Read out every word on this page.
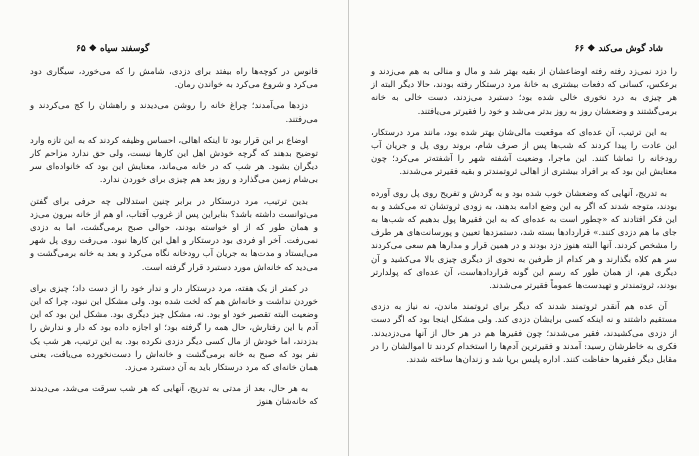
گوسفند سیاه ❖ ۶۵

فانوس در کوچه‌ها راه بیفتد برای دزدی، شامش را که می‌خورد، سیگاری دود می‌کرد و شروع می‌کرد به خواندن رمان.

دزدها می‌آمدند؛ چراغ خانه را روشن می‌دیدند و راهشان را کج می‌کردند و می‌رفتند.

اوضاع بر این قرار بود تا اینکه اهالی، احساس وظیفه کردند که به این تازه وارد توضیح بدهند که گرچه خودش اهل این کارها نیست، ولی حق ندارد مزاحم کار دیگران بشود. هر شب که در خانه می‌ماند، معنایش این بود که خانواده‌ای سر بی‌شام زمین می‌گذارد و روز بعد هم چیزی برای خوردن ندارد.

بدین ترتیب، مرد درستکار در برابر چنین استدلالی چه حرفی برای گفتن می‌توانست داشته باشد؟ بنابراین پس از غروب آفتاب، او هم از خانه بیرون می‌زد و همان طور که از او خواسته بودند، حوالی صبح برمی‌گشت، اما به دزدی نمی‌رفت. آخر او فردی بود درستکار و اهل این کارها نبود. می‌رفت روی پل شهر می‌ایستاد و مدت‌ها به جریان آب رودخانه نگاه می‌کرد و بعد به خانه برمی‌گشت و می‌دید که خانه‌اش مورد دستبرد قرار گرفته است.

در کمتر از یک هفته، مرد درستکار دار و ندار خود را از دست داد؛ چیزی برای خوردن نداشت و خانه‌اش هم که لخت شده بود. ولی مشکل این نبود، چرا که این وضعیت البته تقصیر خود او بود. نه، مشکل چیز دیگری بود. مشکل این بود که این آدم با این رفتارش، حال همه را گرفته بود؛ او اجازه داده بود که دار و ندارش را بدزدند، اما خودش از مال کسی دیگر دزدی نکرده بود. به این ترتیب، هر شب یک نفر بود که صبح به خانه برمی‌گشت و خانه‌اش را دست‌نخورده می‌یافت، یعنی همان خانه‌ای که مرد درستکار باید به آن دستبرد می‌زد.

به هر حال، بعد از مدتی به تدریج، آنهایی که هر شب سرقت می‌شد، می‌دیدند که خانه‌شان هنوز

۶۶ ❖ شاد گوش می‌کند

را دزد نمی‌زد رفته رفته اوضاعشان از بقیه بهتر شد و مال و منالی به هم می‌زدند و برعکس، کسانی که دفعات بیشتری به خانهٔ مرد درستکار رفته بودند، حالا دیگر البته از هر چیزی به درد نخوری خالی شده بود؛ دستبرد می‌زدند، دست خالی به خانه برمی‌گشتند و وضعشان روز به روز بدتر می‌شد و خود را فقیرتر می‌یافتند.

به این ترتیب، آن عده‌ای که موقعیت مالی‌شان بهتر شده بود، مانند مرد درستکار، این عادت را پیدا کردند که شب‌ها پس از صرف شام، بروند روی پل و جریان آب رودخانه را تماشا کنند. این ماجرا، وضعیت آشفته شهر را آشفته‌تر می‌کرد؛ چون معنایش این بود که بر افراد بیشتری از اهالی ثروتمندتر و بقیه فقیرتر می‌شدند.

به تدریج، آنهایی که وضعشان خوب شده بود و به گردش و تفریح روی پل روی آورده بودند، متوجه شدند که اگر به این وضع ادامه بدهند، به زودی ثروتشان ته می‌کشد و به این فکر افتادند که «چطور است به عده‌ای که به این فقیرها پول بدهیم که شب‌ها به جای ما هم دزدی کنند.» قرارداد‌ها بسته شد، دستمزدها تعیین و پورسانت‌های هر طرف را مشخص کردند. آنها البته هنوز دزد بودند و در همین قرار و مدارها هم سعی می‌کردند سر هم کلاه بگذارند و هر کدام از طرفین به نحوی از دیگری چیزی بالا می‌کشید و آن دیگری هم، از همان طور که رسم این گونه قراردادهاست، آن عده‌ای که پولدارتر بودند، ثروتمندتر و تهیدست‌ها عموماً فقیرتر می‌شدند.

آن عده هم آنقدر ثروتمند شدند که دیگر برای ثروتمند ماندن، نه نیاز به دزدی مستقیم داشتند و نه اینکه کسی برایشان دزدی کند. ولی مشکل اینجا بود که اگر دست از دزدی می‌کشیدند، فقیر می‌شدند؛ چون فقیرها هم در هر حال از آنها می‌دزدیدند. فکری به خاطرشان رسید: آمدند و فقیرترین آدم‌ها را استخدام کردند تا اموالشان را در مقابل دیگر فقیرها حفاظت کنند. اداره پلیس برپا شد و زندان‌ها ساخته شدند.
